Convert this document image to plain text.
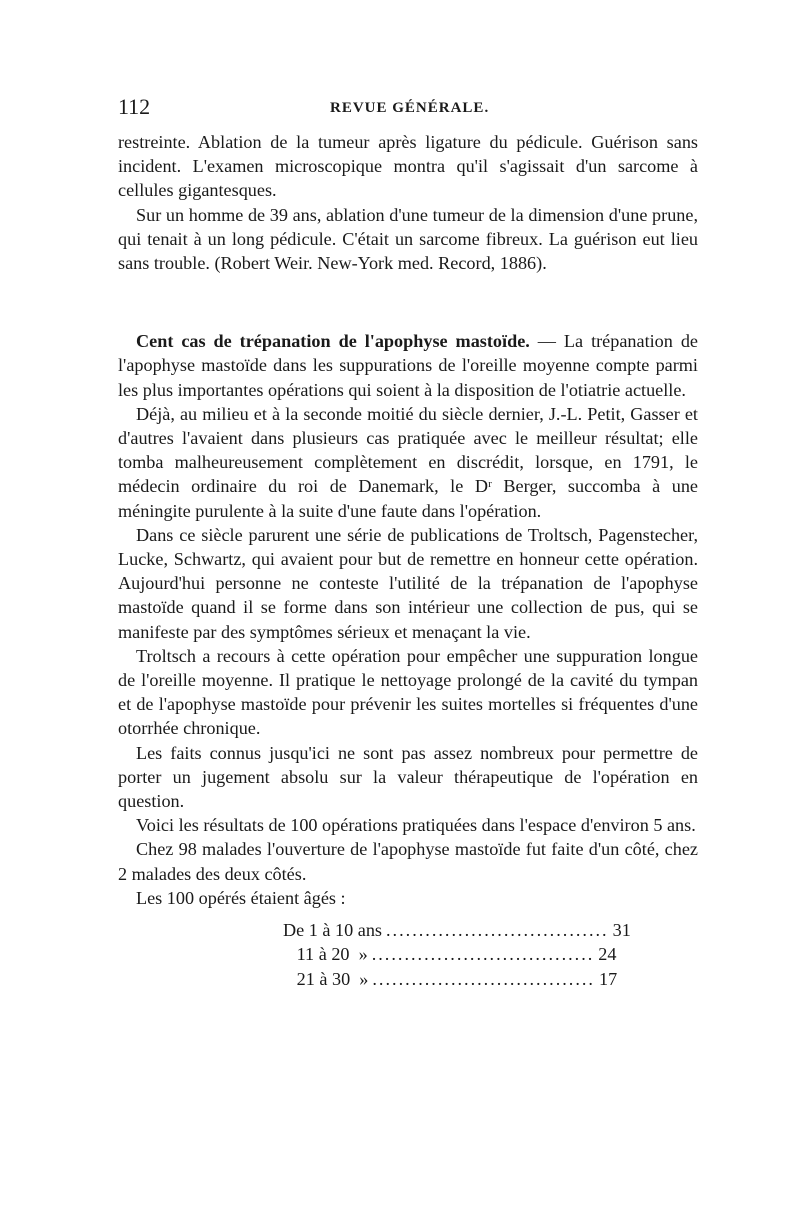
112	REVUE GÉNÉRALE.

restreinte. Ablation de la tumeur après ligature du pédicule. Guérison sans incident. L'examen microscopique montra qu'il s'agissait d'un sarcome à cellules gigantesques.

Sur un homme de 39 ans, ablation d'une tumeur de la dimension d'une prune, qui tenait à un long pédicule. C'était un sarcome fibreux. La guérison eut lieu sans trouble. (Robert Weir. New-York med. Record, 1886).

Cent cas de trépanation de l'apophyse mastoïde. — La trépanation de l'apophyse mastoïde dans les suppurations de l'oreille moyenne compte parmi les plus importantes opérations qui soient à la disposition de l'otiatrie actuelle.

Déjà, au milieu et à la seconde moitié du siècle dernier, J.-L. Petit, Gasser et d'autres l'avaient dans plusieurs cas pratiquée avec le meilleur résultat; elle tomba malheureusement complètement en discrédit, lorsque, en 1791, le médecin ordinaire du roi de Danemark, le Dʳ Berger, succomba à une méningite purulente à la suite d'une faute dans l'opération.

Dans ce siècle parurent une série de publications de Troltsch, Pagenstecher, Lucke, Schwartz, qui avaient pour but de remettre en honneur cette opération. Aujourd'hui personne ne conteste l'utilité de la trépanation de l'apophyse mastoïde quand il se forme dans son intérieur une collection de pus, qui se manifeste par des symptômes sérieux et menaçant la vie.

Troltsch a recours à cette opération pour empêcher une suppuration longue de l'oreille moyenne. Il pratique le nettoyage prolongé de la cavité du tympan et de l'apophyse mastoïde pour prévenir les suites mortelles si fréquentes d'une otorrhée chronique.

Les faits connus jusqu'ici ne sont pas assez nombreux pour permettre de porter un jugement absolu sur la valeur thérapeutique de l'opération en question.

Voici les résultats de 100 opérations pratiquées dans l'espace d'environ 5 ans.

Chez 98 malades l'ouverture de l'apophyse mastoïde fut faite d'un côté, chez 2 malades des deux côtés.

Les 100 opérés étaient âgés :

De 1 à 10 ans .................................. 31
11 à 20  » .................................. 24
21 à 30  » .................................. 17
